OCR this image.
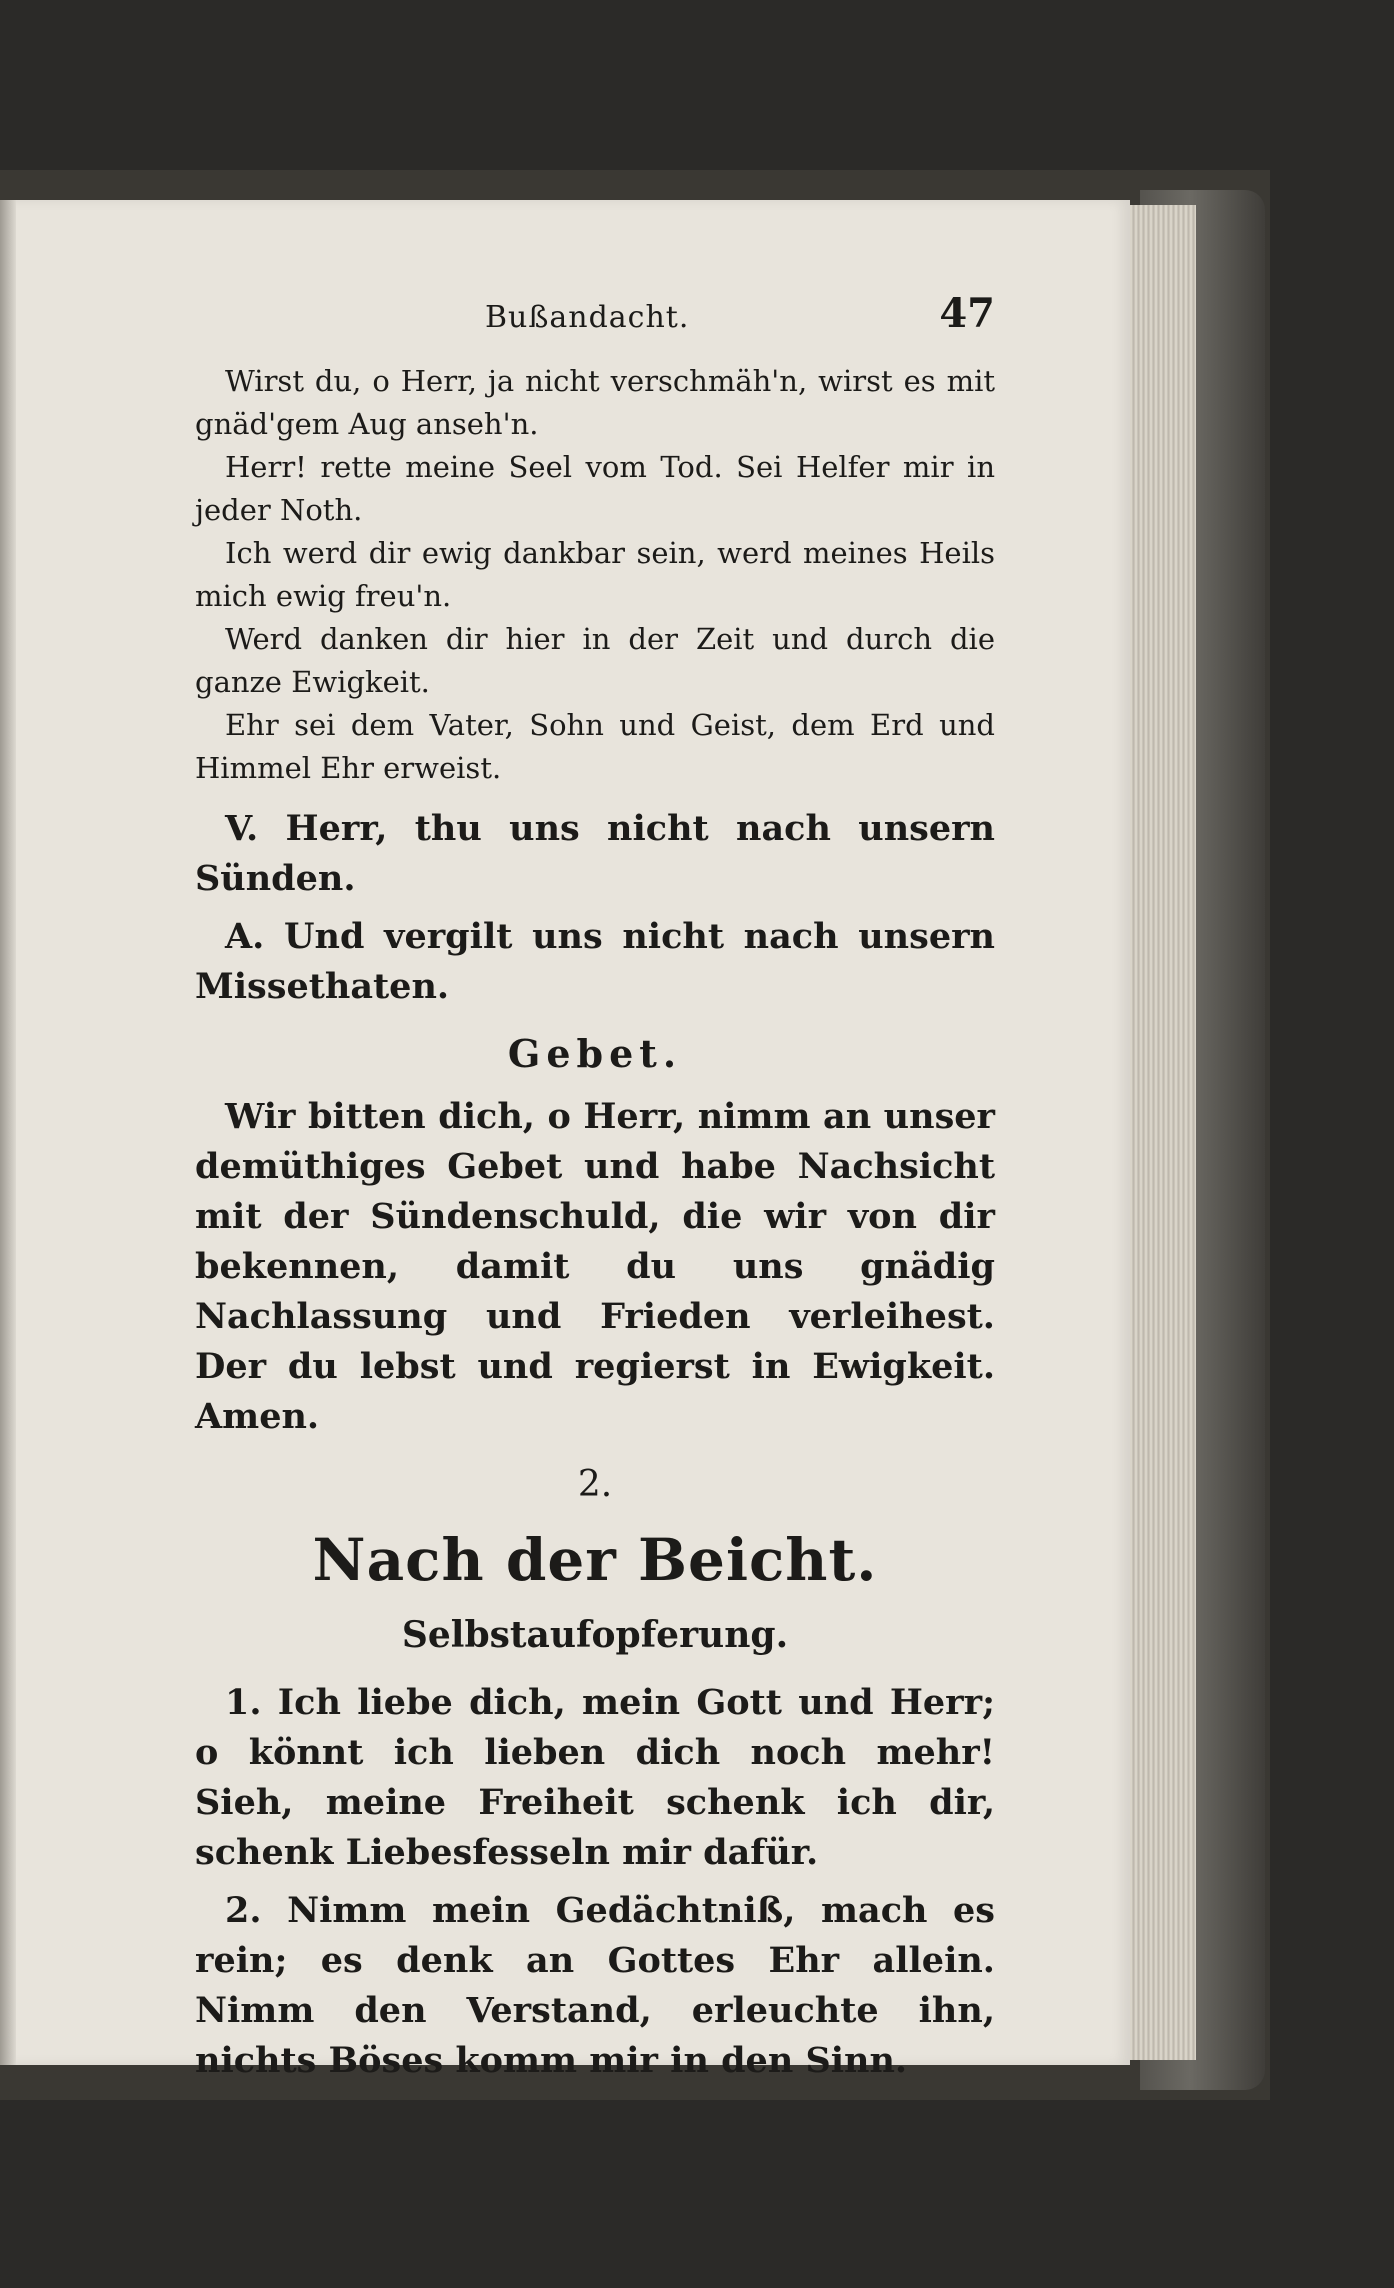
Bußandacht.	47

Wirst du, o Herr, ja nicht verschmäh'n, wirst es mit gnäd'gem Aug anseh'n.

Herr! rette meine Seel vom Tod. Sei Helfer mir in jeder Noth.

Ich werd dir ewig dankbar sein, werd meines Heils mich ewig freu'n.

Werd danken dir hier in der Zeit und durch die ganze Ewigkeit.

Ehr sei dem Vater, Sohn und Geist, dem Erd und Himmel Ehr erweist.

V. Herr, thu uns nicht nach unsern Sünden.

A. Und vergilt uns nicht nach unsern Missethaten.

Gebet.

Wir bitten dich, o Herr, nimm an unser demüthiges Gebet und habe Nachsicht mit der Sündenschuld, die wir von dir bekennen, damit du uns gnädig Nachlassung und Frieden verleihest. Der du lebst und regierst in Ewigkeit. Amen.

2.
Nach der Beicht.
Selbstaufopferung.

1. Ich liebe dich, mein Gott und Herr; o könnt ich lieben dich noch mehr! Sieh, meine Freiheit schenk ich dir, schenk Liebesfesseln mir dafür.

2. Nimm mein Gedächtniß, mach es rein; es denk an Gottes Ehr allein. Nimm den Verstand, erleuchte ihn, nichts Böses komm mir in den Sinn.
